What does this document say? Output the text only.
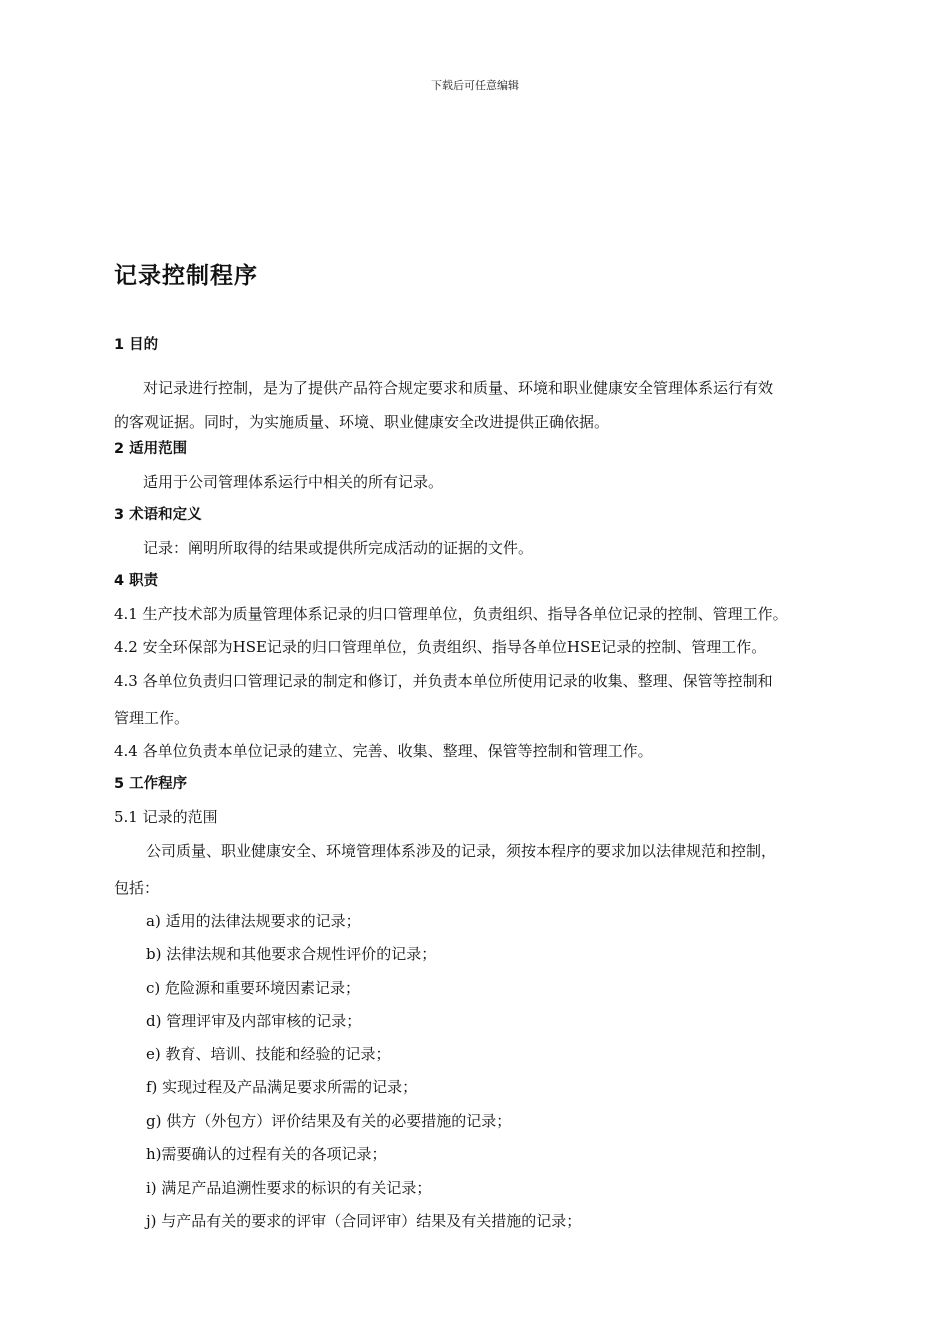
下载后可任意编辑
记录控制程序
1 目的
对记录进行控制，是为了提供产品符合规定要求和质量、环境和职业健康安全管理体系运行有效
的客观证据。同时，为实施质量、环境、职业健康安全改进提供正确依据。
2 适用范围
适用于公司管理体系运行中相关的所有记录。
3 术语和定义
记录：阐明所取得的结果或提供所完成活动的证据的文件。
4 职责
4.1 生产技术部为质量管理体系记录的归口管理单位，负责组织、指导各单位记录的控制、管理工作。
4.2 安全环保部为HSE记录的归口管理单位，负责组织、指导各单位HSE记录的控制、管理工作。
4.3 各单位负责归口管理记录的制定和修订，并负责本单位所使用记录的收集、整理、保管等控制和
管理工作。
4.4 各单位负责本单位记录的建立、完善、收集、整理、保管等控制和管理工作。
5 工作程序
5.1 记录的范围
公司质量、职业健康安全、环境管理体系涉及的记录，须按本程序的要求加以法律规范和控制，
包括：
a) 适用的法律法规要求的记录；
b) 法律法规和其他要求合规性评价的记录；
c) 危险源和重要环境因素记录；
d) 管理评审及内部审核的记录；
e) 教育、培训、技能和经验的记录；
f) 实现过程及产品满足要求所需的记录；
g) 供方（外包方）评价结果及有关的必要措施的记录；
h)需要确认的过程有关的各项记录；
i) 满足产品追溯性要求的标识的有关记录；
j) 与产品有关的要求的评审（合同评审）结果及有关措施的记录；
